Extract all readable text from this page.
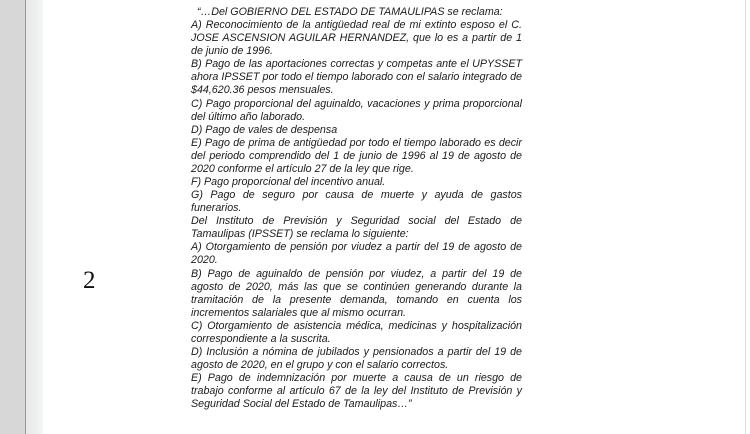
2
“…Del GOBIERNO DEL ESTADO DE TAMAULIPAS se reclama:
A) Reconocimiento de la antigüedad real de mi extinto esposo el C. JOSE ASCENSION AGUILAR HERNANDEZ, que lo es a partir de 1 de junio de 1996.
B) Pago de las aportaciones correctas y competas ante el UPYSSET ahora IPSSET por todo el tiempo laborado con el salario integrado de $44,620.36 pesos mensuales.
C) Pago proporcional del aguinaldo, vacaciones y prima proporcional del último año laborado.
D) Pago de vales de despensa
E) Pago de prima de antigüedad por todo el tiempo laborado es decir del periodo comprendido del 1 de junio de 1996 al 19 de agosto de 2020 conforme el artículo 27 de la ley que rige.
F) Pago proporcional del incentivo anual.
G) Pago de seguro por causa de muerte y ayuda de gastos funerarios.
Del Instituto de Previsión y Seguridad social del Estado de Tamaulipas (IPSSET) se reclama lo siguiente:
A) Otorgamiento de pensión por viudez a partir del 19 de agosto de 2020.
B) Pago de aguinaldo de pensión por viudez, a partir del 19 de agosto de 2020, más las que se continúen generando durante la tramitación de la presente demanda, tomando en cuenta los incrementos salariales que al mismo ocurran.
C) Otorgamiento de asistencia médica, medicinas y hospitalización correspondiente a la suscrita.
D) Inclusión a nómina de jubilados y pensionados a partir del 19 de agosto de 2020, en el grupo y con el salario correctos.
E) Pago de indemnización por muerte a causa de un riesgo de trabajo conforme al artículo 67 de la ley del Instituto de Previsión y Seguridad Social del Estado de Tamaulipas…”
